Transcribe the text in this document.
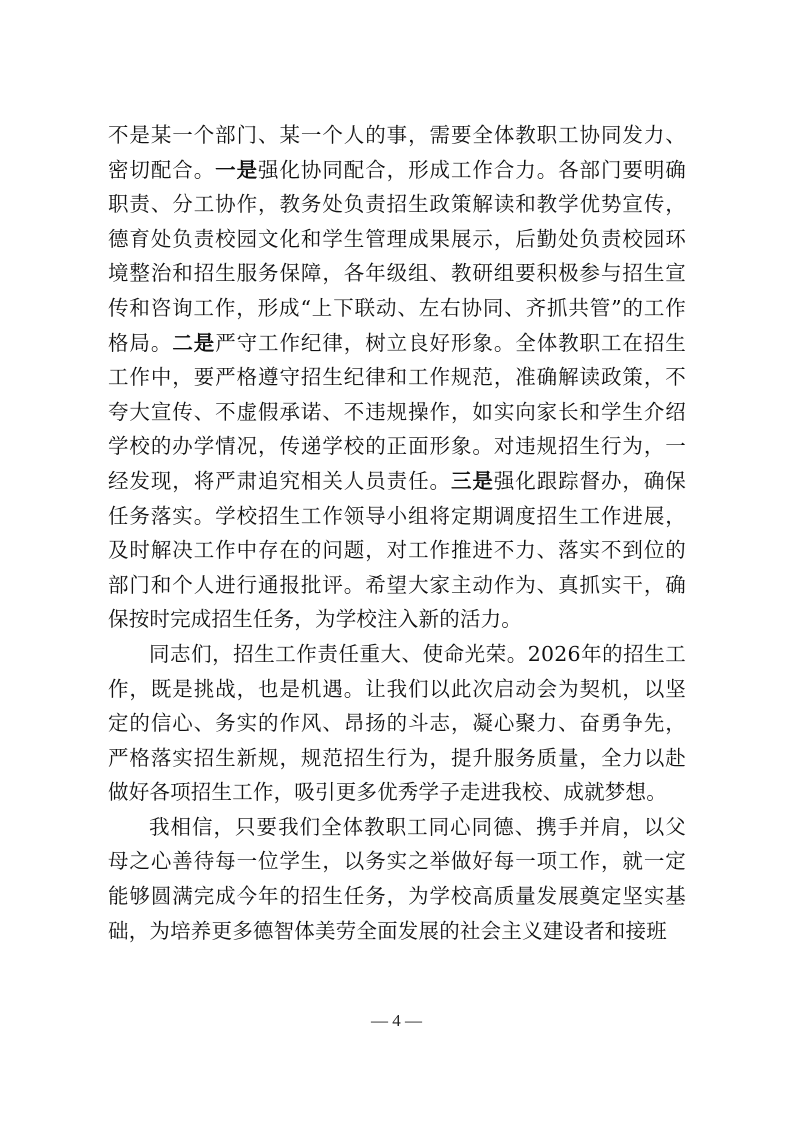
不是某一个部门、某一个人的事，需要全体教职工协同发力、密切配合。一是强化协同配合，形成工作合力。各部门要明确职责、分工协作，教务处负责招生政策解读和教学优势宣传，德育处负责校园文化和学生管理成果展示，后勤处负责校园环境整治和招生服务保障，各年级组、教研组要积极参与招生宣传和咨询工作，形成“上下联动、左右协同、齐抓共管”的工作格局。二是严守工作纪律，树立良好形象。全体教职工在招生工作中，要严格遵守招生纪律和工作规范，准确解读政策，不夸大宣传、不虚假承诺、不违规操作，如实向家长和学生介绍学校的办学情况，传递学校的正面形象。对违规招生行为，一经发现，将严肃追究相关人员责任。三是强化跟踪督办，确保任务落实。学校招生工作领导小组将定期调度招生工作进展，及时解决工作中存在的问题，对工作推进不力、落实不到位的部门和个人进行通报批评。希望大家主动作为、真抓实干，确保按时完成招生任务，为学校注入新的活力。

同志们，招生工作责任重大、使命光荣。2026年的招生工作，既是挑战，也是机遇。让我们以此次启动会为契机，以坚定的信心、务实的作风、昂扬的斗志，凝心聚力、奋勇争先，严格落实招生新规，规范招生行为，提升服务质量，全力以赴做好各项招生工作，吸引更多优秀学子走进我校、成就梦想。

我相信，只要我们全体教职工同心同德、携手并肩，以父母之心善待每一位学生，以务实之举做好每一项工作，就一定能够圆满完成今年的招生任务，为学校高质量发展奠定坚实基础，为培养更多德智体美劳全面发展的社会主义建设者和接班

— 4 —
